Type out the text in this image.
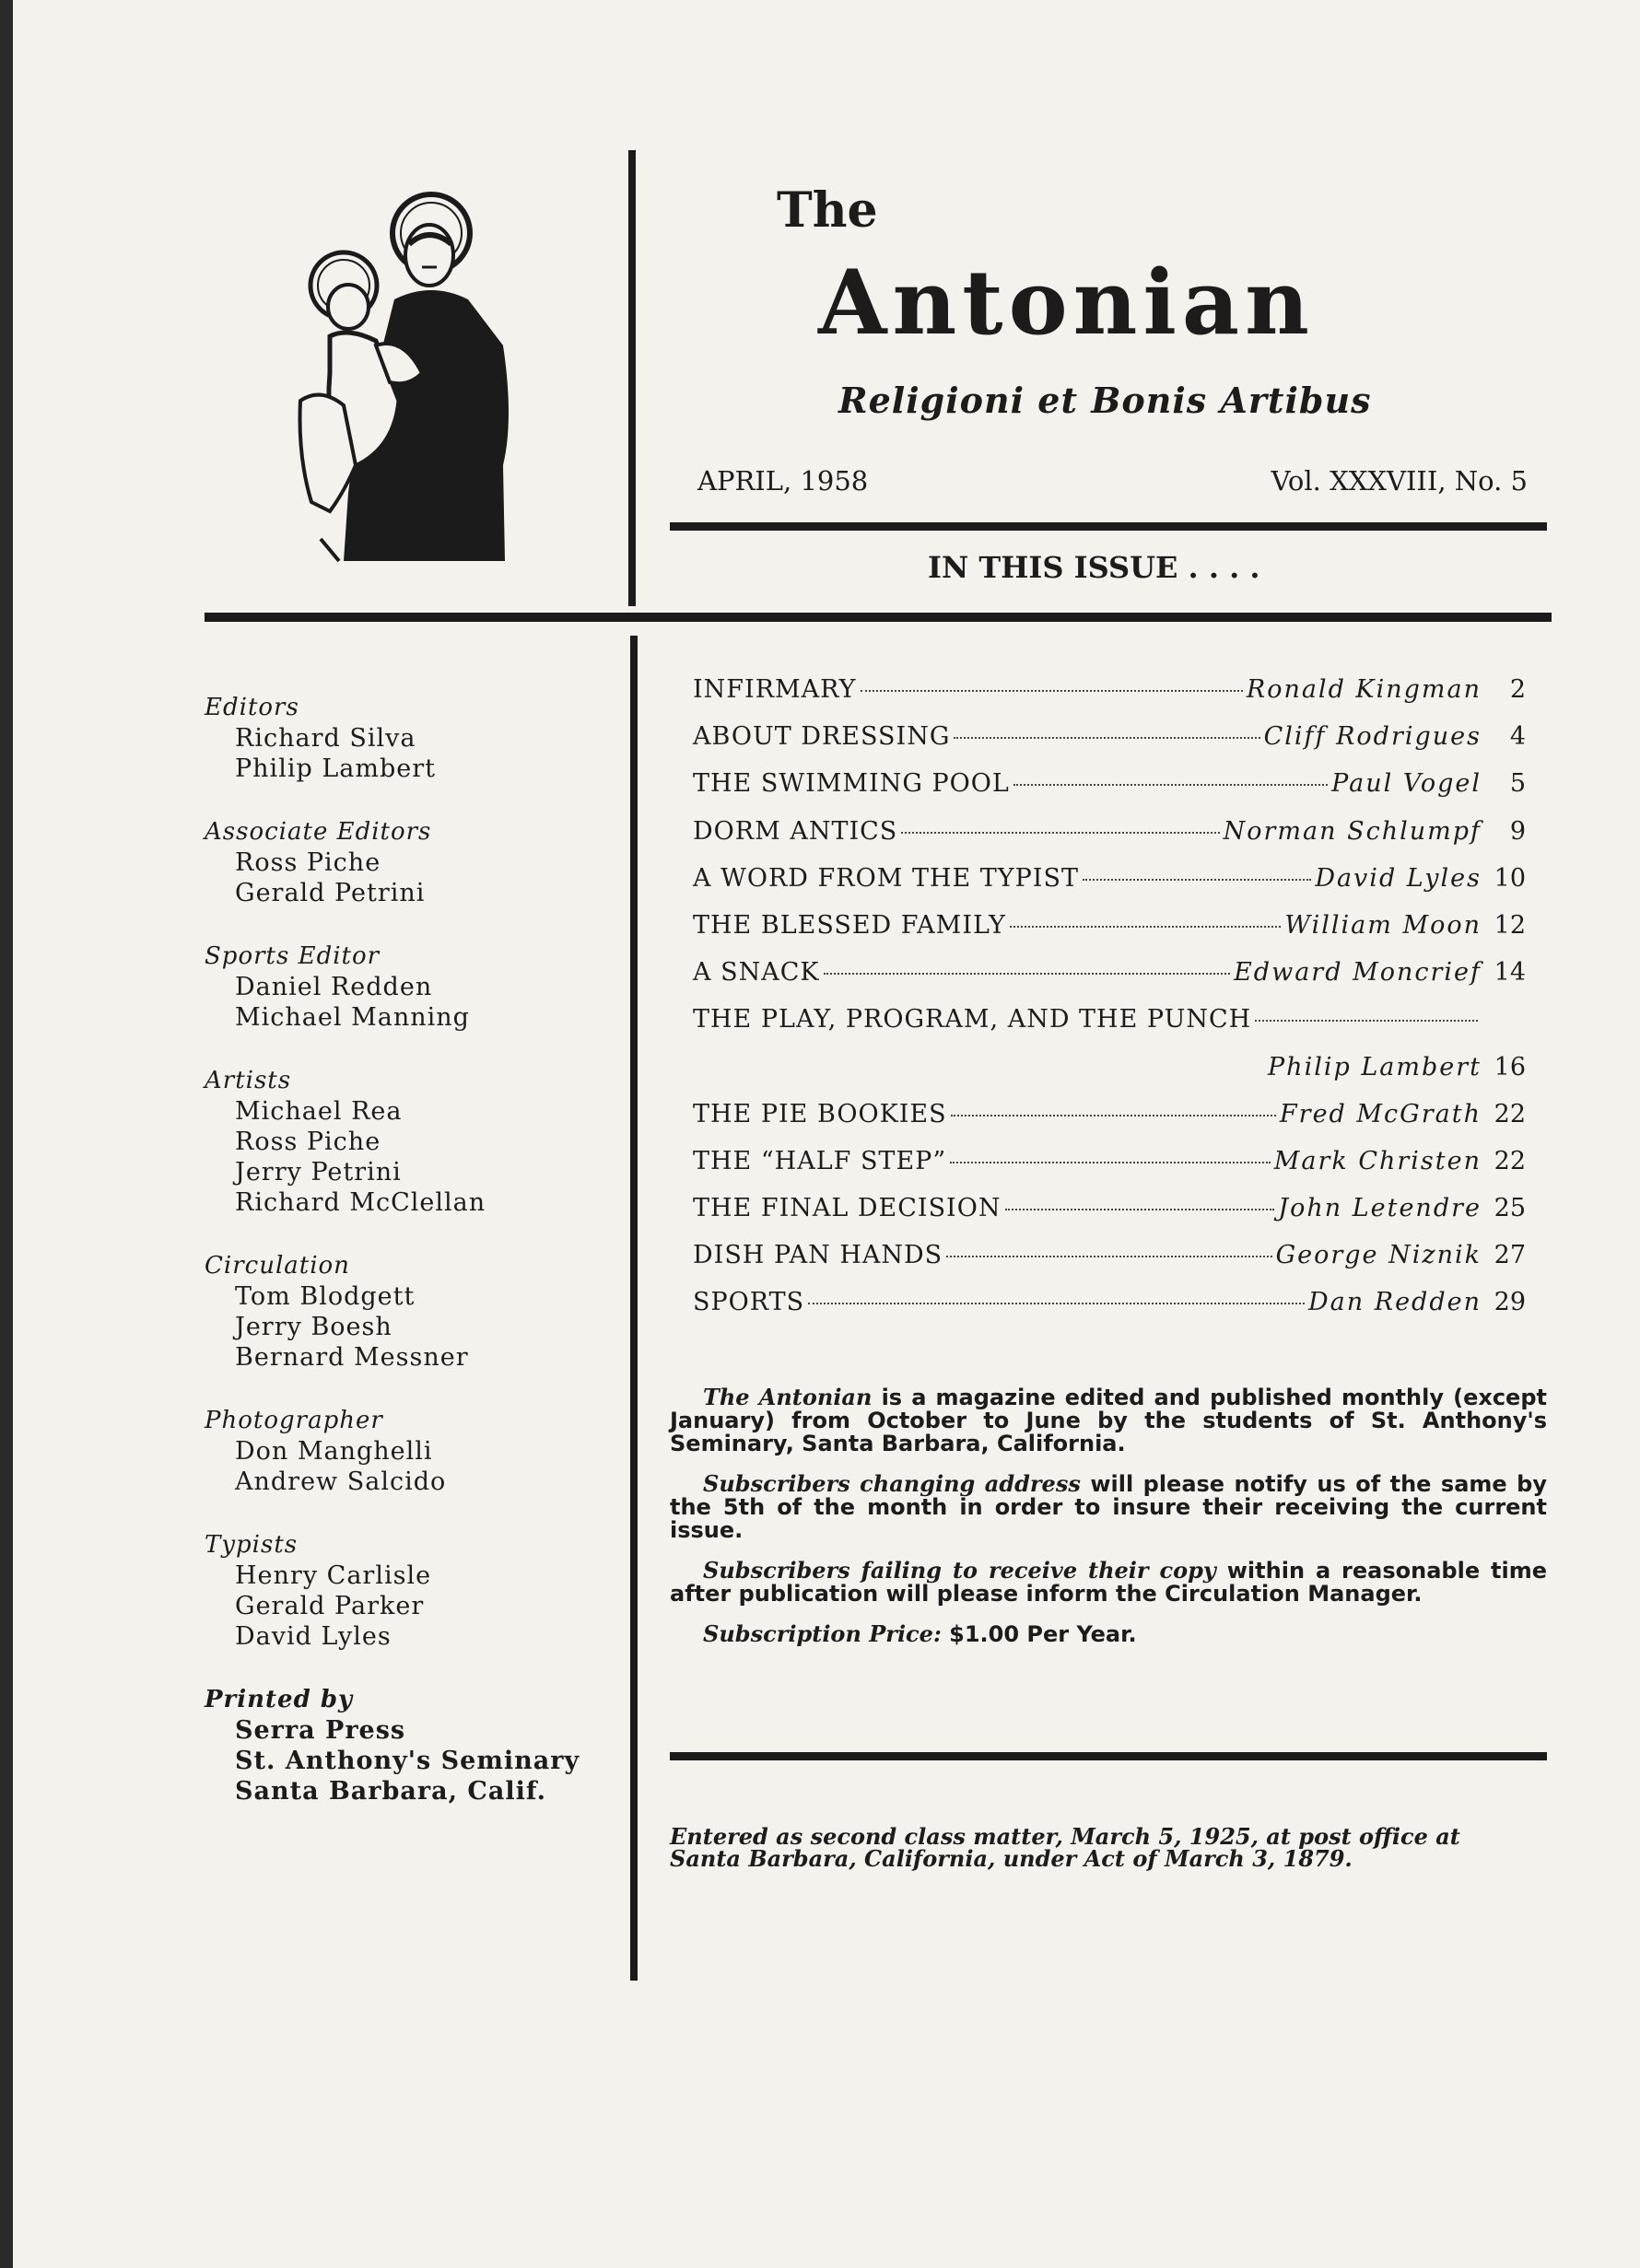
The
Antonian
Religioni et Bonis Artibus
APRIL, 1958	Vol. XXXVIII, No. 5
IN THIS ISSUE . . . .
Editors
Richard Silva
Philip Lambert
Associate Editors
Ross Piche
Gerald Petrini
Sports Editor
Daniel Redden
Michael Manning
Artists
Michael Rea
Ross Piche
Jerry Petrini
Richard McClellan
Circulation
Tom Blodgett
Jerry Boesh
Bernard Messner
Photographer
Don Manghelli
Andrew Salcido
Typists
Henry Carlisle
Gerald Parker
David Lyles
Printed by
Serra Press
St. Anthony's Seminary
Santa Barbara, Calif.
INFIRMARY	Ronald Kingman	2
ABOUT DRESSING	Cliff Rodrigues	4
THE SWIMMING POOL	Paul Vogel	5
DORM ANTICS	Norman Schlumpf	9
A WORD FROM THE TYPIST	David Lyles 10
THE BLESSED FAMILY	William Moon 12
A SNACK	Edward Moncrief 14
THE PLAY, PROGRAM, AND THE PUNCH
Philip Lambert 16
THE PIE BOOKIES	Fred McGrath 22
THE “HALF STEP”	Mark Christen 22
THE FINAL DECISION	John Letendre 25
DISH PAN HANDS	George Niznik 27
SPORTS	Dan Redden 29
The Antonian is a magazine edited and published monthly (except January) from October to June by the students of St. Anthony's Seminary, Santa Barbara, California.
Subscribers changing address will please notify us of the same by the 5th of the month in order to insure their receiving the current issue.
Subscribers failing to receive their copy within a reasonable time after publication will please inform the Circulation Manager.
Subscription Price: $1.00 Per Year.
Entered as second class matter, March 5, 1925, at post office at Santa Barbara, California, under Act of March 3, 1879.
